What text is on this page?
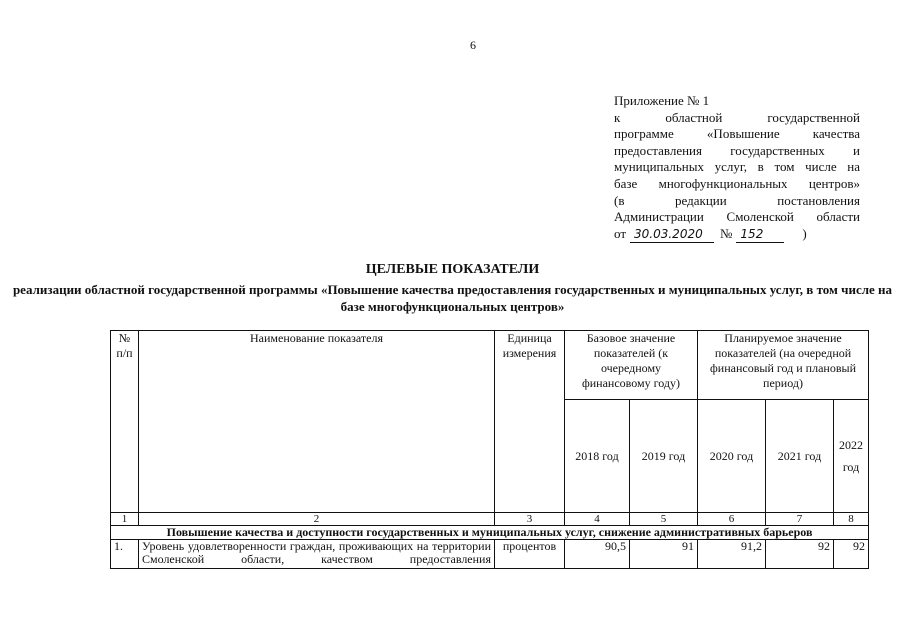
6
Приложение № 1
к областной государственной
программе «Повышение качества
предоставления государственных и
муниципальных услуг, в том числе на
базе многофункциональных центров»
(в редакции постановления
Администрации Смоленской области
от 30.03.2020	№ 152	)
ЦЕЛЕВЫЕ ПОКАЗАТЕЛИ
реализации областной государственной программы «Повышение качества предоставления государственных и муниципальных услуг, в том числе на базе многофункциональных центров»
№ п/п	Наименование показателя	Единица измерения	Базовое значение показателей (к очередному финансовому году)		Планируемое значение показателей (на очередной финансовый год и плановый период)		
			2018 год	2019 год	2020 год	2021 год	2022 год
1	2	3	4	5	6	7	8
Повышение качества и доступности государственных и муниципальных услуг, снижение административных барьеров							
1.	Уровень удовлетворенности граждан, проживающих на территории Смоленской области, качеством предоставления	процентов	90,5	91	91,2	92	92
